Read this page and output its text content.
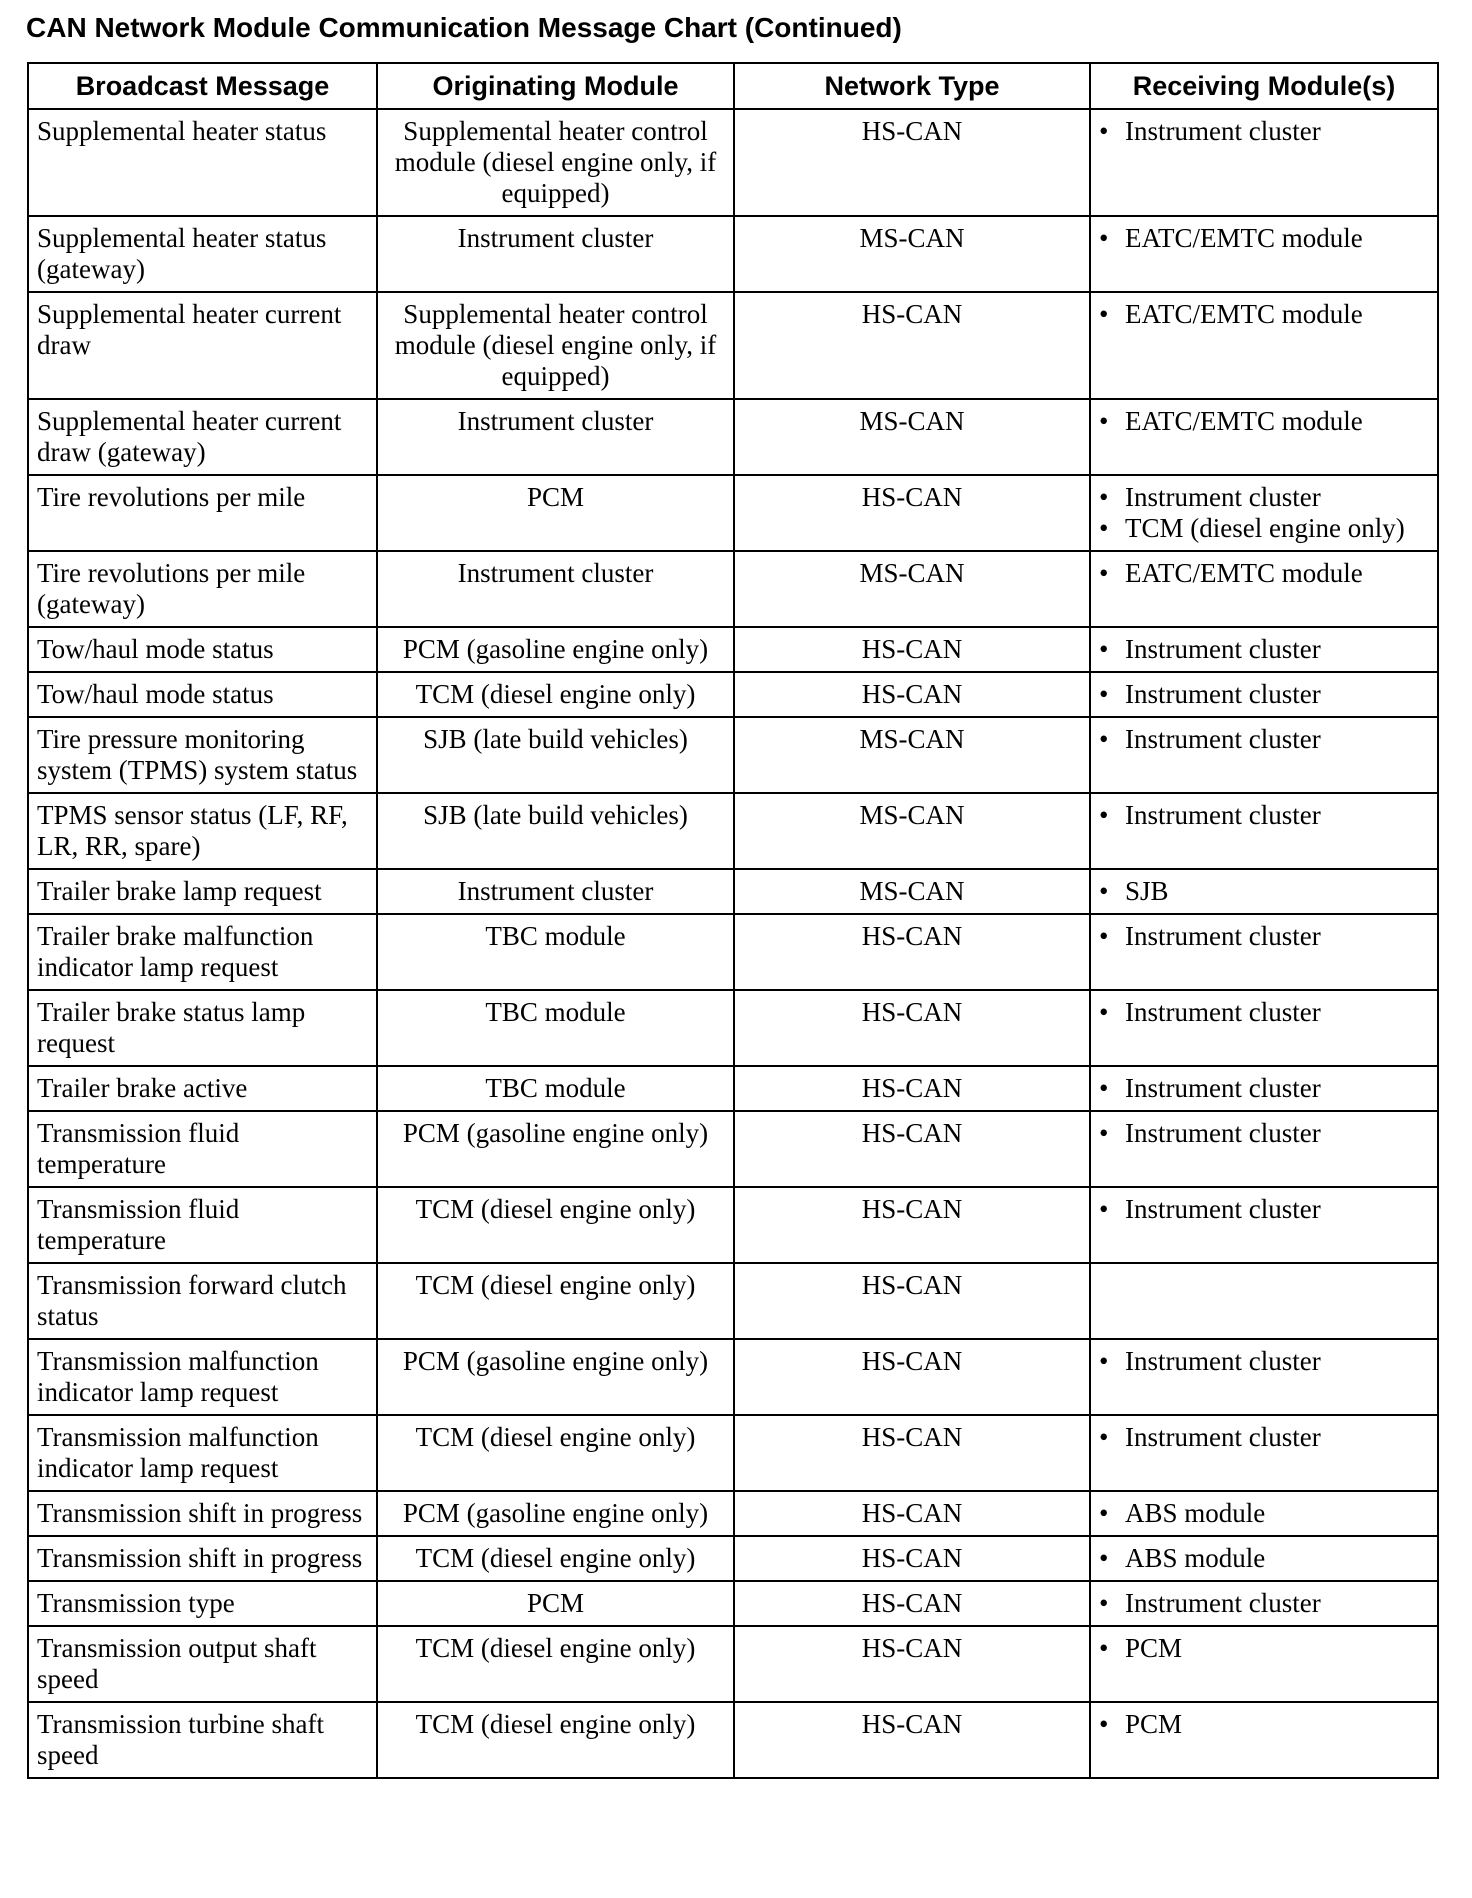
CAN Network Module Communication Message Chart (Continued)
Broadcast Message	Originating Module	Network Type	Receiving Module(s)
Supplemental heater status	Supplemental heater control module (diesel engine only, if equipped)	HS-CAN	• Instrument cluster

Supplemental heater status (gateway)	Instrument cluster	MS-CAN	• EATC/EMTC module

Supplemental heater current draw	Supplemental heater control module (diesel engine only, if equipped)	HS-CAN	• EATC/EMTC module

Supplemental heater current draw (gateway)	Instrument cluster	MS-CAN	• EATC/EMTC module

Tire revolutions per mile	PCM	HS-CAN	• Instrument cluster
• TCM (diesel engine only)

Tire revolutions per mile (gateway)	Instrument cluster	MS-CAN	• EATC/EMTC module

Tow/haul mode status	PCM (gasoline engine only)	HS-CAN	• Instrument cluster

Tow/haul mode status	TCM (diesel engine only)	HS-CAN	• Instrument cluster

Tire pressure monitoring system (TPMS) system status	SJB (late build vehicles)	MS-CAN	• Instrument cluster

TPMS sensor status (LF, RF, LR, RR, spare)	SJB (late build vehicles)	MS-CAN	• Instrument cluster

Trailer brake lamp request	Instrument cluster	MS-CAN	• SJB

Trailer brake malfunction indicator lamp request	TBC module	HS-CAN	• Instrument cluster

Trailer brake status lamp request	TBC module	HS-CAN	• Instrument cluster

Trailer brake active	TBC module	HS-CAN	• Instrument cluster

Transmission fluid temperature	PCM (gasoline engine only)	HS-CAN	• Instrument cluster

Transmission fluid temperature	TCM (diesel engine only)	HS-CAN	• Instrument cluster

Transmission forward clutch status	TCM (diesel engine only)	HS-CAN	
Transmission malfunction indicator lamp request	PCM (gasoline engine only)	HS-CAN	• Instrument cluster

Transmission malfunction indicator lamp request	TCM (diesel engine only)	HS-CAN	• Instrument cluster

Transmission shift in progress	PCM (gasoline engine only)	HS-CAN	• ABS module

Transmission shift in progress	TCM (diesel engine only)	HS-CAN	• ABS module

Transmission type	PCM	HS-CAN	• Instrument cluster

Transmission output shaft speed	TCM (diesel engine only)	HS-CAN	• PCM

Transmission turbine shaft speed	TCM (diesel engine only)	HS-CAN	• PCM
